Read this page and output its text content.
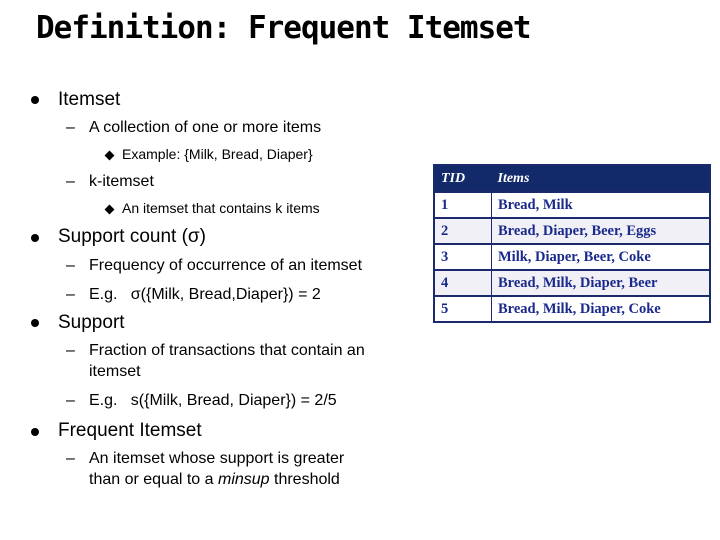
Definition: Frequent Itemset
Itemset
– A collection of one or more items
Example: {Milk, Bread, Diaper}
– k-itemset
An itemset that contains k items
Support count (σ)
– Frequency of occurrence of an itemset
– E.g.   σ({Milk, Bread,Diaper}) = 2
Support
– Fraction of transactions that contain an
itemset
– E.g.   s({Milk, Bread, Diaper}) = 2/5
Frequent Itemset
– An itemset whose support is greater
than or equal to a minsup threshold
TID	Items
1	Bread, Milk
2	Bread, Diaper, Beer, Eggs
3	Milk, Diaper, Beer, Coke
4	Bread, Milk, Diaper, Beer
5	Bread, Milk, Diaper, Coke
